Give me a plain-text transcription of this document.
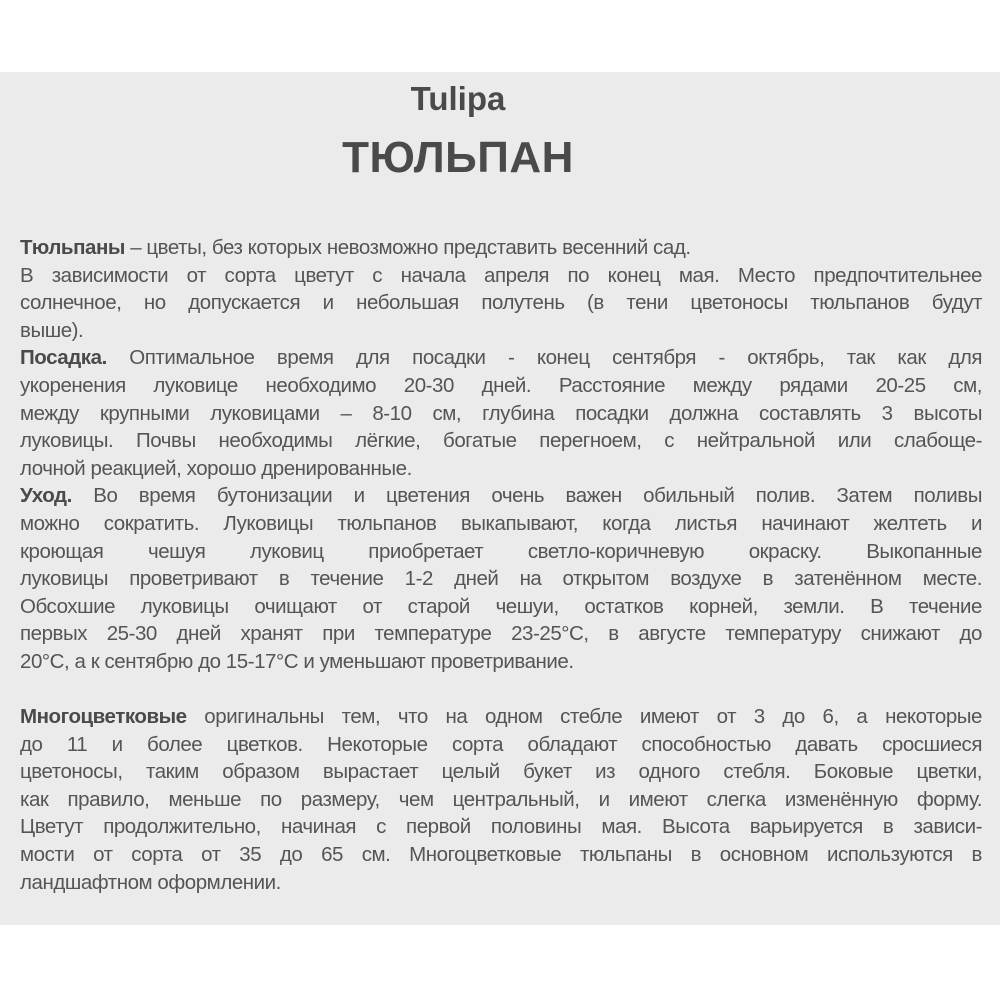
Tulipa
ТЮЛЬПАН
Тюльпаны – цветы, без которых невозможно представить весенний сад.
В зависимости от сорта цветут с начала апреля по конец мая. Место предпочтительнее
солнечное, но допускается и небольшая полутень (в тени цветоносы тюльпанов будут
выше).
Посадка. Оптимальное время для посадки - конец сентября - октябрь, так как для
укоренения луковице необходимо 20-30 дней. Расстояние между рядами 20-25 см,
между крупными луковицами – 8-10 см, глубина посадки должна составлять 3 высоты
луковицы. Почвы необходимы лёгкие, богатые перегноем, с нейтральной или слабоще-
лочной реакцией, хорошо дренированные.
Уход. Во время бутонизации и цветения очень важен обильный полив. Затем поливы
можно сократить. Луковицы тюльпанов выкапывают, когда листья начинают желтеть и
кроющая чешуя луковиц приобретает светло-коричневую окраску. Выкопанные
луковицы проветривают в течение 1-2 дней на открытом воздухе в затенённом месте.
Обсохшие луковицы очищают от старой чешуи, остатков корней, земли. В течение
первых 25-30 дней хранят при температуре 23-25°С, в августе температуру снижают до
20°С, а к сентябрю до 15-17°С и уменьшают проветривание.
Многоцветковые оригинальны тем, что на одном стебле имеют от 3 до 6, а некоторые
до 11 и более цветков. Некоторые сорта обладают способностью давать сросшиеся
цветоносы, таким образом вырастает целый букет из одного стебля. Боковые цветки,
как правило, меньше по размеру, чем центральный, и имеют слегка изменённую форму.
Цветут продолжительно, начиная с первой половины мая. Высота варьируется в зависи-
мости от сорта от 35 до 65 см. Многоцветковые тюльпаны в основном используются в
ландшафтном оформлении.
